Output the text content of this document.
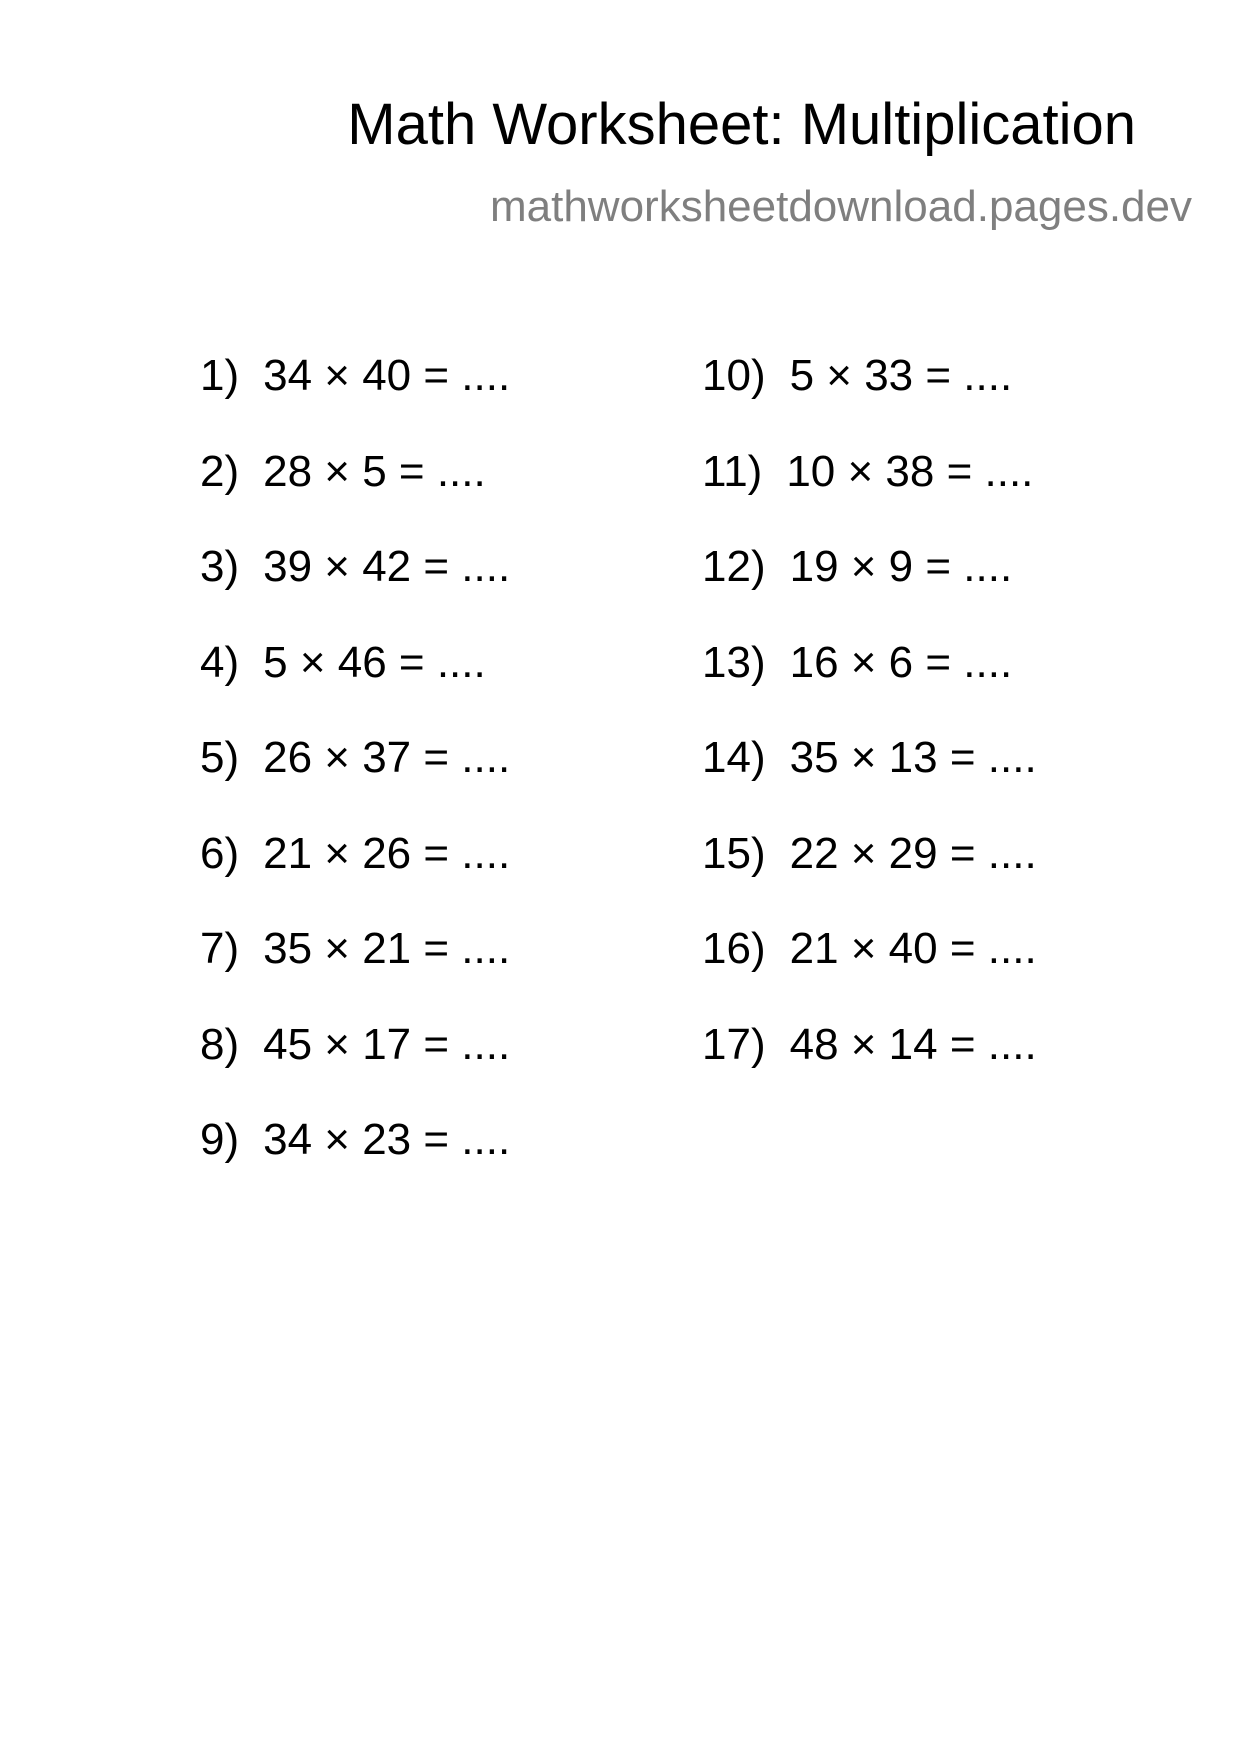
Math Worksheet: Multiplication
mathworksheetdownload.pages.dev
1) 34 × 40 = ....
2) 28 × 5 = ....
3) 39 × 42 = ....
4) 5 × 46 = ....
5) 26 × 37 = ....
6) 21 × 26 = ....
7) 35 × 21 = ....
8) 45 × 17 = ....
9) 34 × 23 = ....
10) 5 × 33 = ....
11) 10 × 38 = ....
12) 19 × 9 = ....
13) 16 × 6 = ....
14) 35 × 13 = ....
15) 22 × 29 = ....
16) 21 × 40 = ....
17) 48 × 14 = ....
